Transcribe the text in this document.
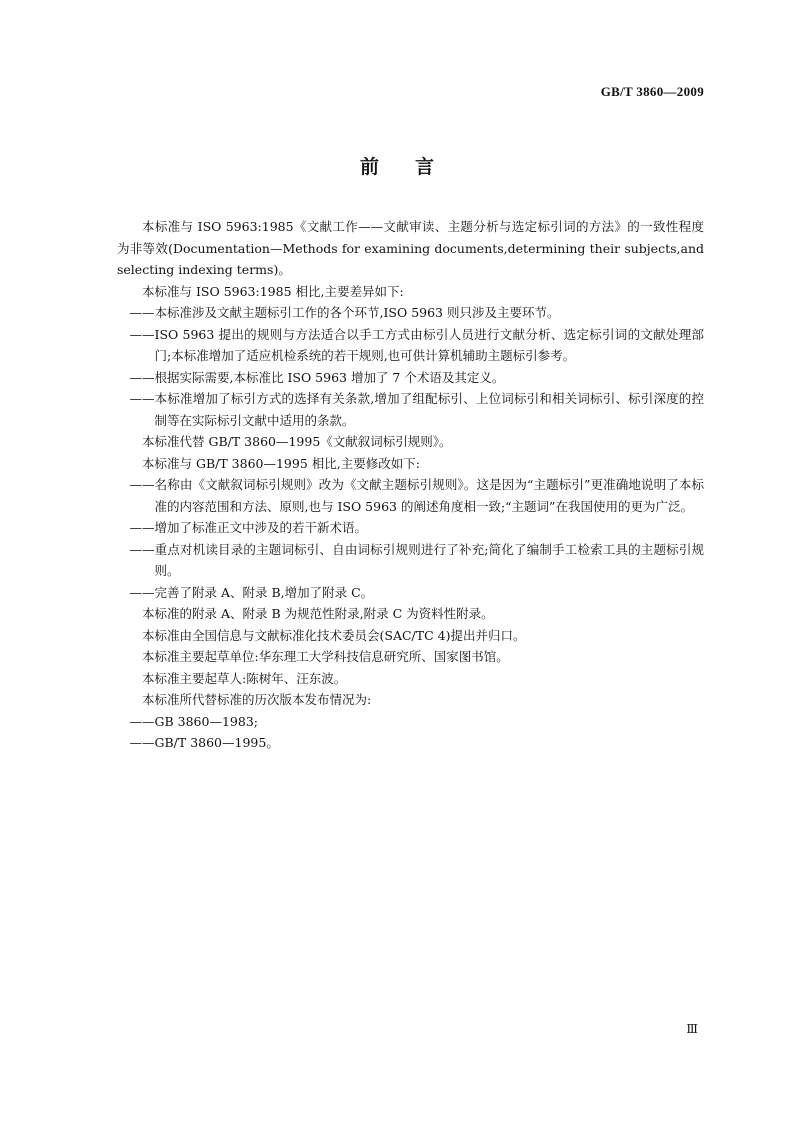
GB/T 3860—2009
前言

本标准与 ISO 5963:1985《文献工作——文献审读、主题分析与选定标引词的方法》的一致性程度为非等效(Documentation—Methods for examining documents,determining their subjects,and selecting indexing terms)。

本标准与 ISO 5963:1985 相比,主要差异如下:

——本标准涉及文献主题标引工作的各个环节,ISO 5963 则只涉及主要环节。

——ISO 5963 提出的规则与方法适合以手工方式由标引人员进行文献分析、选定标引词的文献处理部门;本标准增加了适应机检系统的若干规则,也可供计算机辅助主题标引参考。

——根据实际需要,本标准比 ISO 5963 增加了 7 个术语及其定义。

——本标准增加了标引方式的选择有关条款,增加了组配标引、上位词标引和相关词标引、标引深度的控制等在实际标引文献中适用的条款。

本标准代替 GB/T 3860—1995《文献叙词标引规则》。

本标准与 GB/T 3860—1995 相比,主要修改如下:

——名称由《文献叙词标引规则》改为《文献主题标引规则》。这是因为“主题标引”更准确地说明了本标准的内容范围和方法、原则,也与 ISO 5963 的阐述角度相一致;“主题词”在我国使用的更为广泛。

——增加了标准正文中涉及的若干新术语。

——重点对机读目录的主题词标引、自由词标引规则进行了补充;简化了编制手工检索工具的主题标引规则。

——完善了附录 A、附录 B,增加了附录 C。

本标准的附录 A、附录 B 为规范性附录,附录 C 为资料性附录。

本标准由全国信息与文献标准化技术委员会(SAC/TC 4)提出并归口。

本标准主要起草单位:华东理工大学科技信息研究所、国家图书馆。

本标准主要起草人:陈树年、汪东波。

本标准所代替标准的历次版本发布情况为:

——GB 3860—1983;

——GB/T 3860—1995。

Ⅲ
